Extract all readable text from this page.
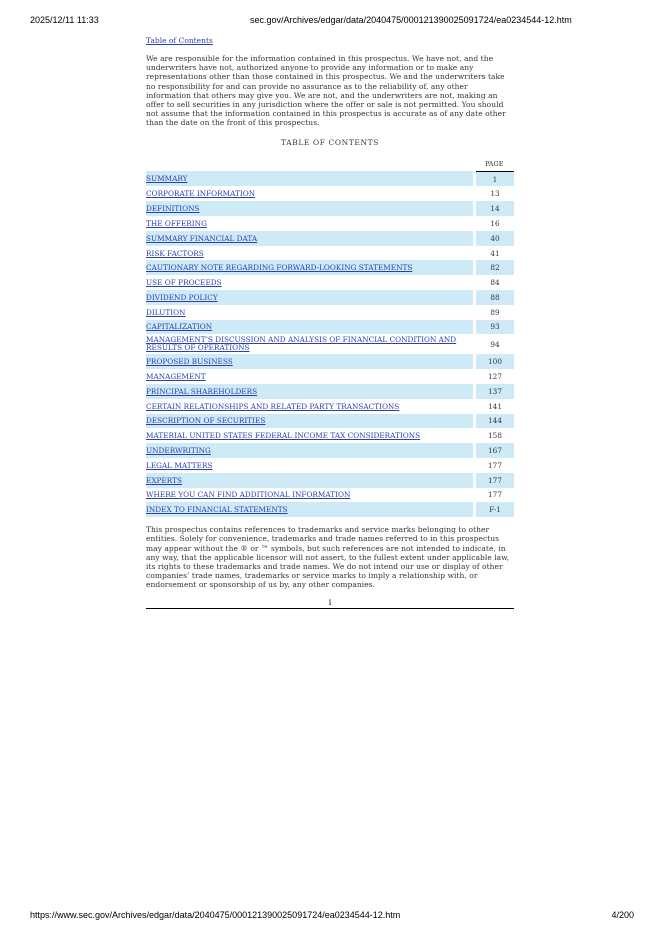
2025/12/11 11:33	sec.gov/Archives/edgar/data/2040475/000121390025091724/ea0234544-12.htm
Table of Contents

We are responsible for the information contained in this prospectus. We have not, and the underwriters have not, authorized anyone to provide any information or to make any representations other than those contained in this prospectus. We and the underwriters take no responsibility for and can provide no assurance as to the reliability of, any other information that others may give you. We are not, and the underwriters are not, making an offer to sell securities in any jurisdiction where the offer or sale is not permitted. You should not assume that the information contained in this prospectus is accurate as of any date other than the date on the front of this prospectus.

TABLE OF CONTENTS
	PAGE
SUMMARY	1
CORPORATE INFORMATION	13
DEFINITIONS	14
THE OFFERING	16
SUMMARY FINANCIAL DATA	40
RISK FACTORS	41
CAUTIONARY NOTE REGARDING FORWARD-LOOKING STATEMENTS	82
USE OF PROCEEDS	84
DIVIDEND POLICY	88
DILUTION	89
CAPITALIZATION	93

MANAGEMENT’S DISCUSSION AND ANALYSIS OF FINANCIAL CONDITION AND RESULTS OF OPERATIONS	94
PROPOSED BUSINESS	100
MANAGEMENT	127
PRINCIPAL SHAREHOLDERS	137
CERTAIN RELATIONSHIPS AND RELATED PARTY TRANSACTIONS	141
DESCRIPTION OF SECURITIES	144
MATERIAL UNITED STATES FEDERAL INCOME TAX CONSIDERATIONS	158
UNDERWRITING	167
LEGAL MATTERS	177
EXPERTS	177
WHERE YOU CAN FIND ADDITIONAL INFORMATION	177
INDEX TO FINANCIAL STATEMENTS	F-1

This prospectus contains references to trademarks and service marks belonging to other entities. Solely for convenience, trademarks and trade names referred to in this prospectus may appear without the ® or ™ symbols, but such references are not intended to indicate, in any way, that the applicable licensor will not assert, to the fullest extent under applicable law, its rights to these trademarks and trade names. We do not intend our use or display of other companies’ trade names, trademarks or service marks to imply a relationship with, or endorsement or sponsorship of us by, any other companies.

i
https://www.sec.gov/Archives/edgar/data/2040475/000121390025091724/ea0234544-12.htm	4/200
